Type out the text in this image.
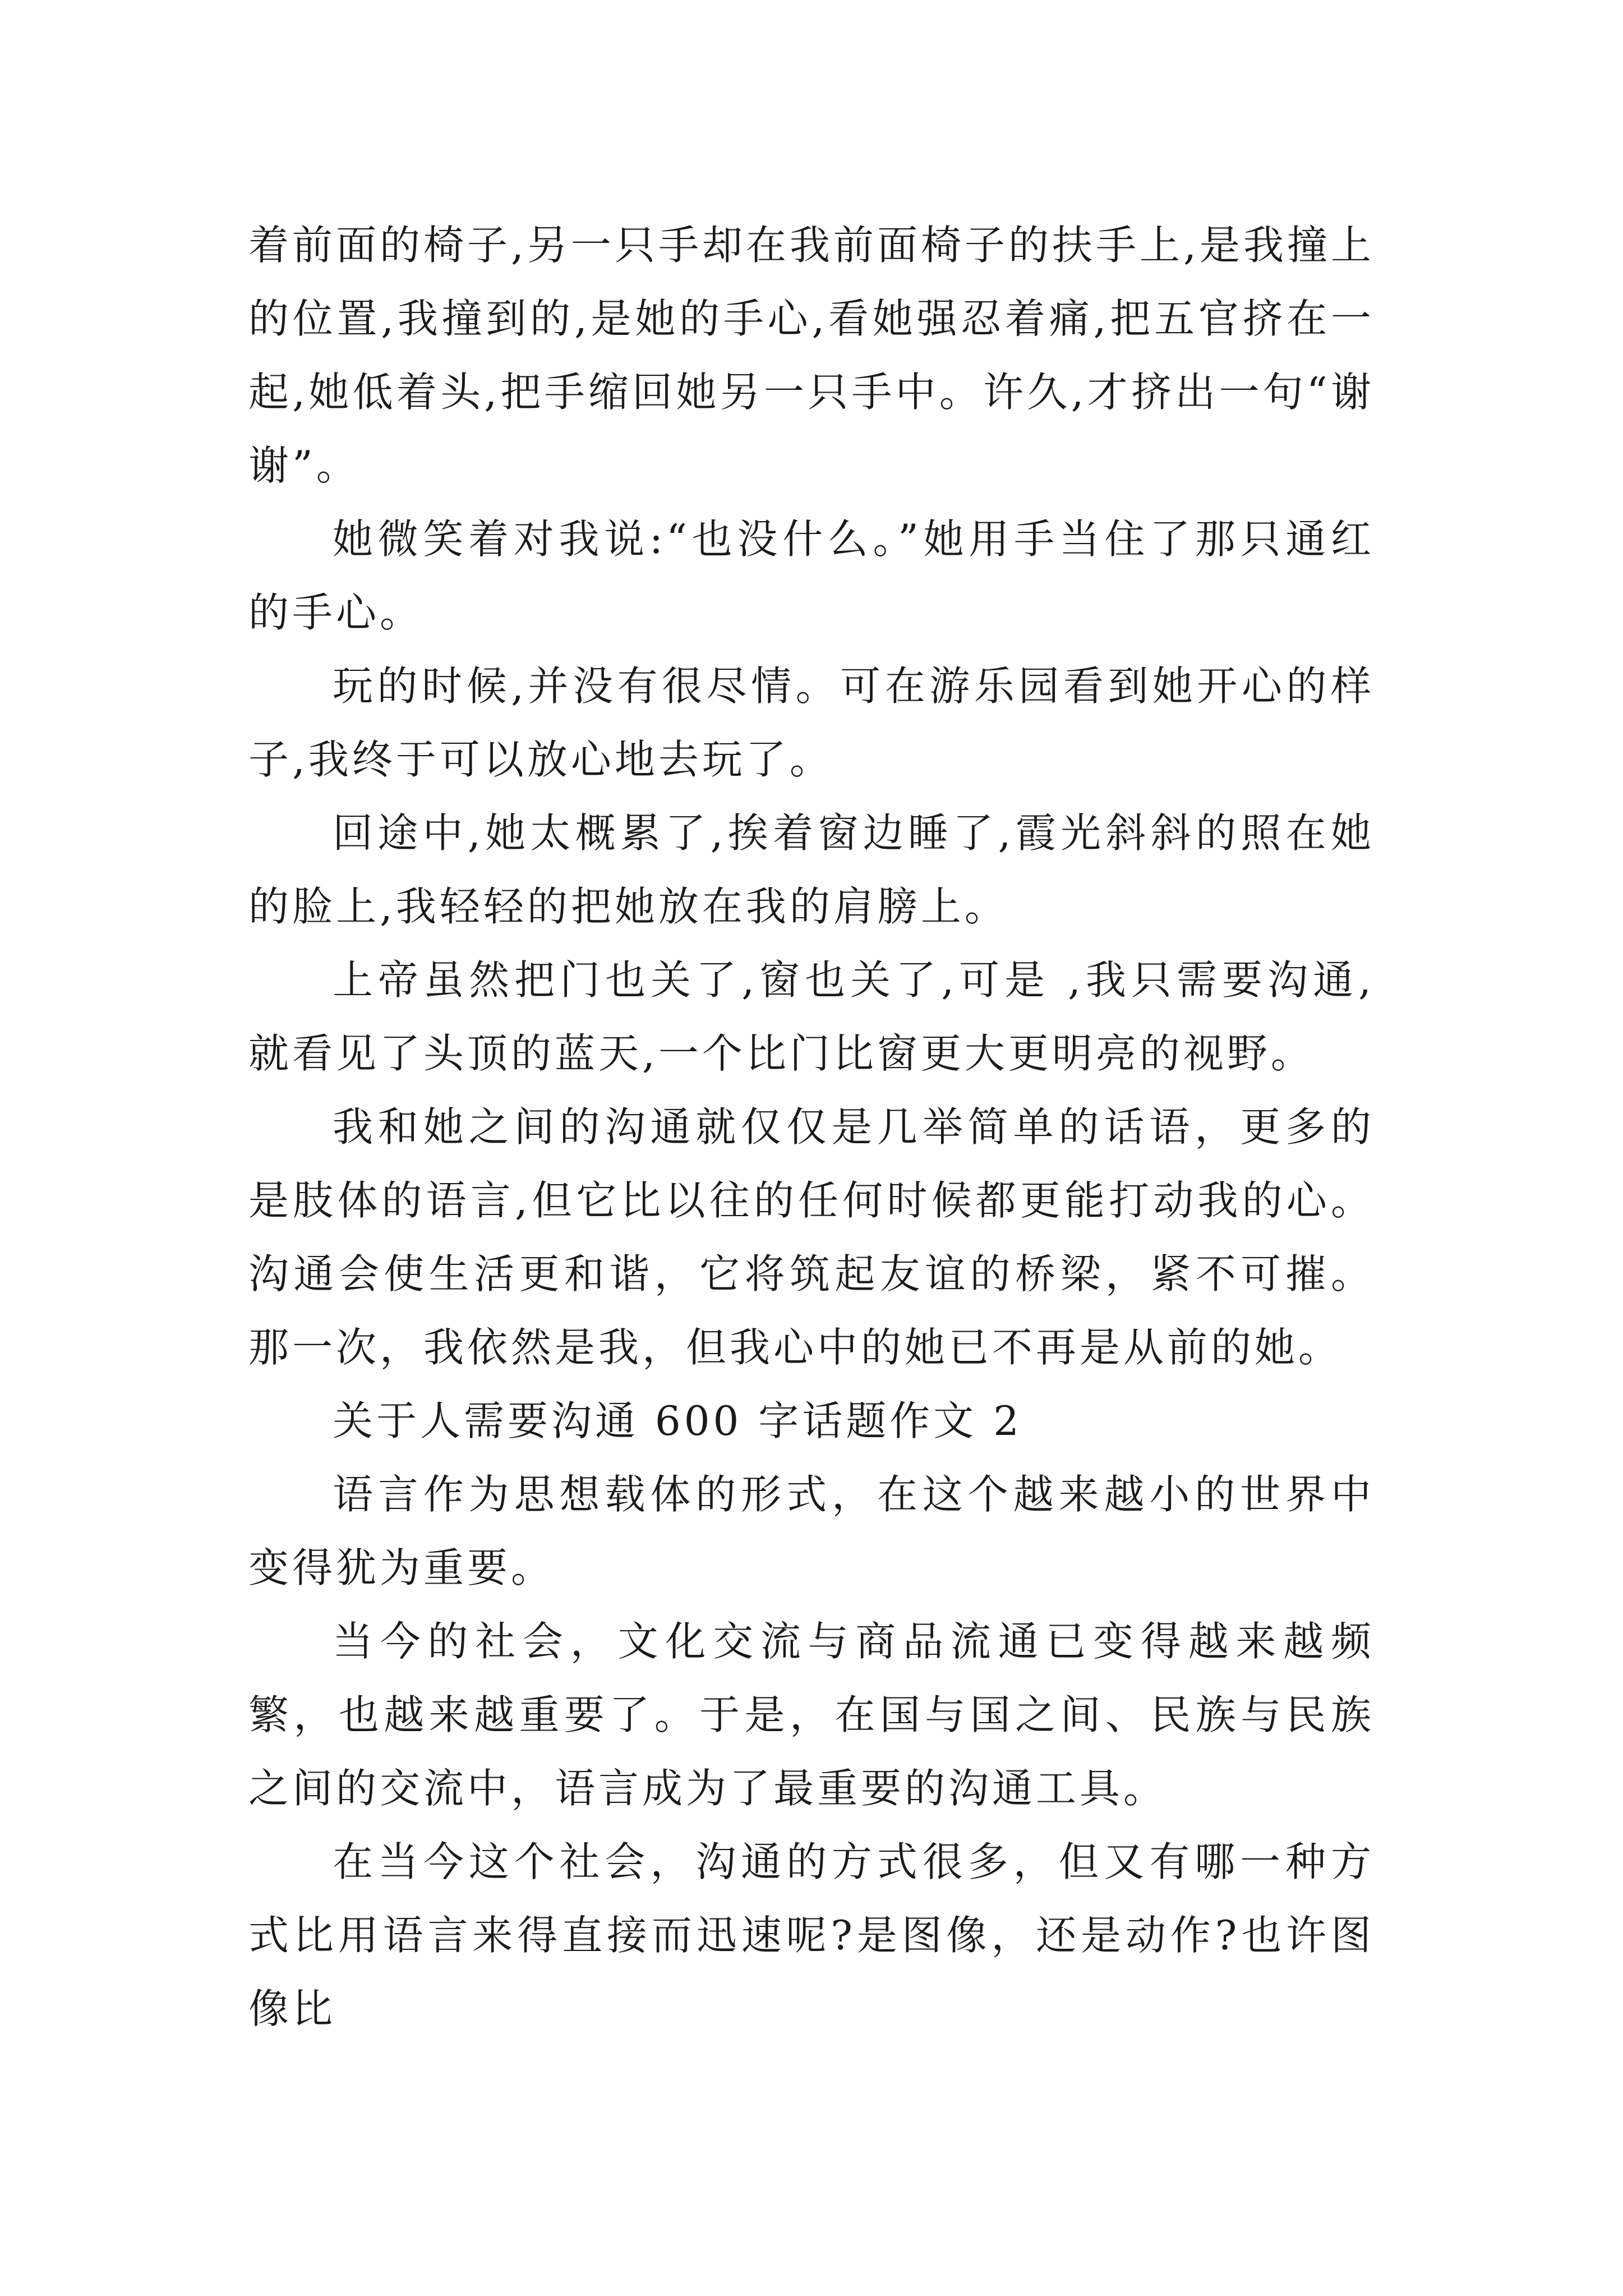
着前面的椅子,另一只手却在我前面椅子的扶手上,是我撞上的位置,我撞到的,是她的手心,看她强忍着痛,把五官挤在一起,她低着头,把手缩回她另一只手中。许久,才挤出一句“谢谢”。

她微笑着对我说:“也没什么。”她用手当住了那只通红的手心。

玩的时候,并没有很尽情。可在游乐园看到她开心的样子,我终于可以放心地去玩了。

回途中,她太概累了,挨着窗边睡了,霞光斜斜的照在她的脸上,我轻轻的把她放在我的肩膀上。

上帝虽然把门也关了,窗也关了,可是 ,我只需要沟通,就看见了头顶的蓝天,一个比门比窗更大更明亮的视野。

我和她之间的沟通就仅仅是几举简单的话语，更多的是肢体的语言,但它比以往的任何时候都更能打动我的心。沟通会使生活更和谐，它将筑起友谊的桥梁，紧不可摧。那一次，我依然是我，但我心中的她已不再是从前的她。

关于人需要沟通 600 字话题作文 2

语言作为思想载体的形式，在这个越来越小的世界中变得犹为重要。

当今的社会，文化交流与商品流通已变得越来越频繁，也越来越重要了。于是，在国与国之间、民族与民族之间的交流中，语言成为了最重要的沟通工具。

在当今这个社会，沟通的方式很多，但又有哪一种方式比用语言来得直接而迅速呢?是图像，还是动作?也许图像比
